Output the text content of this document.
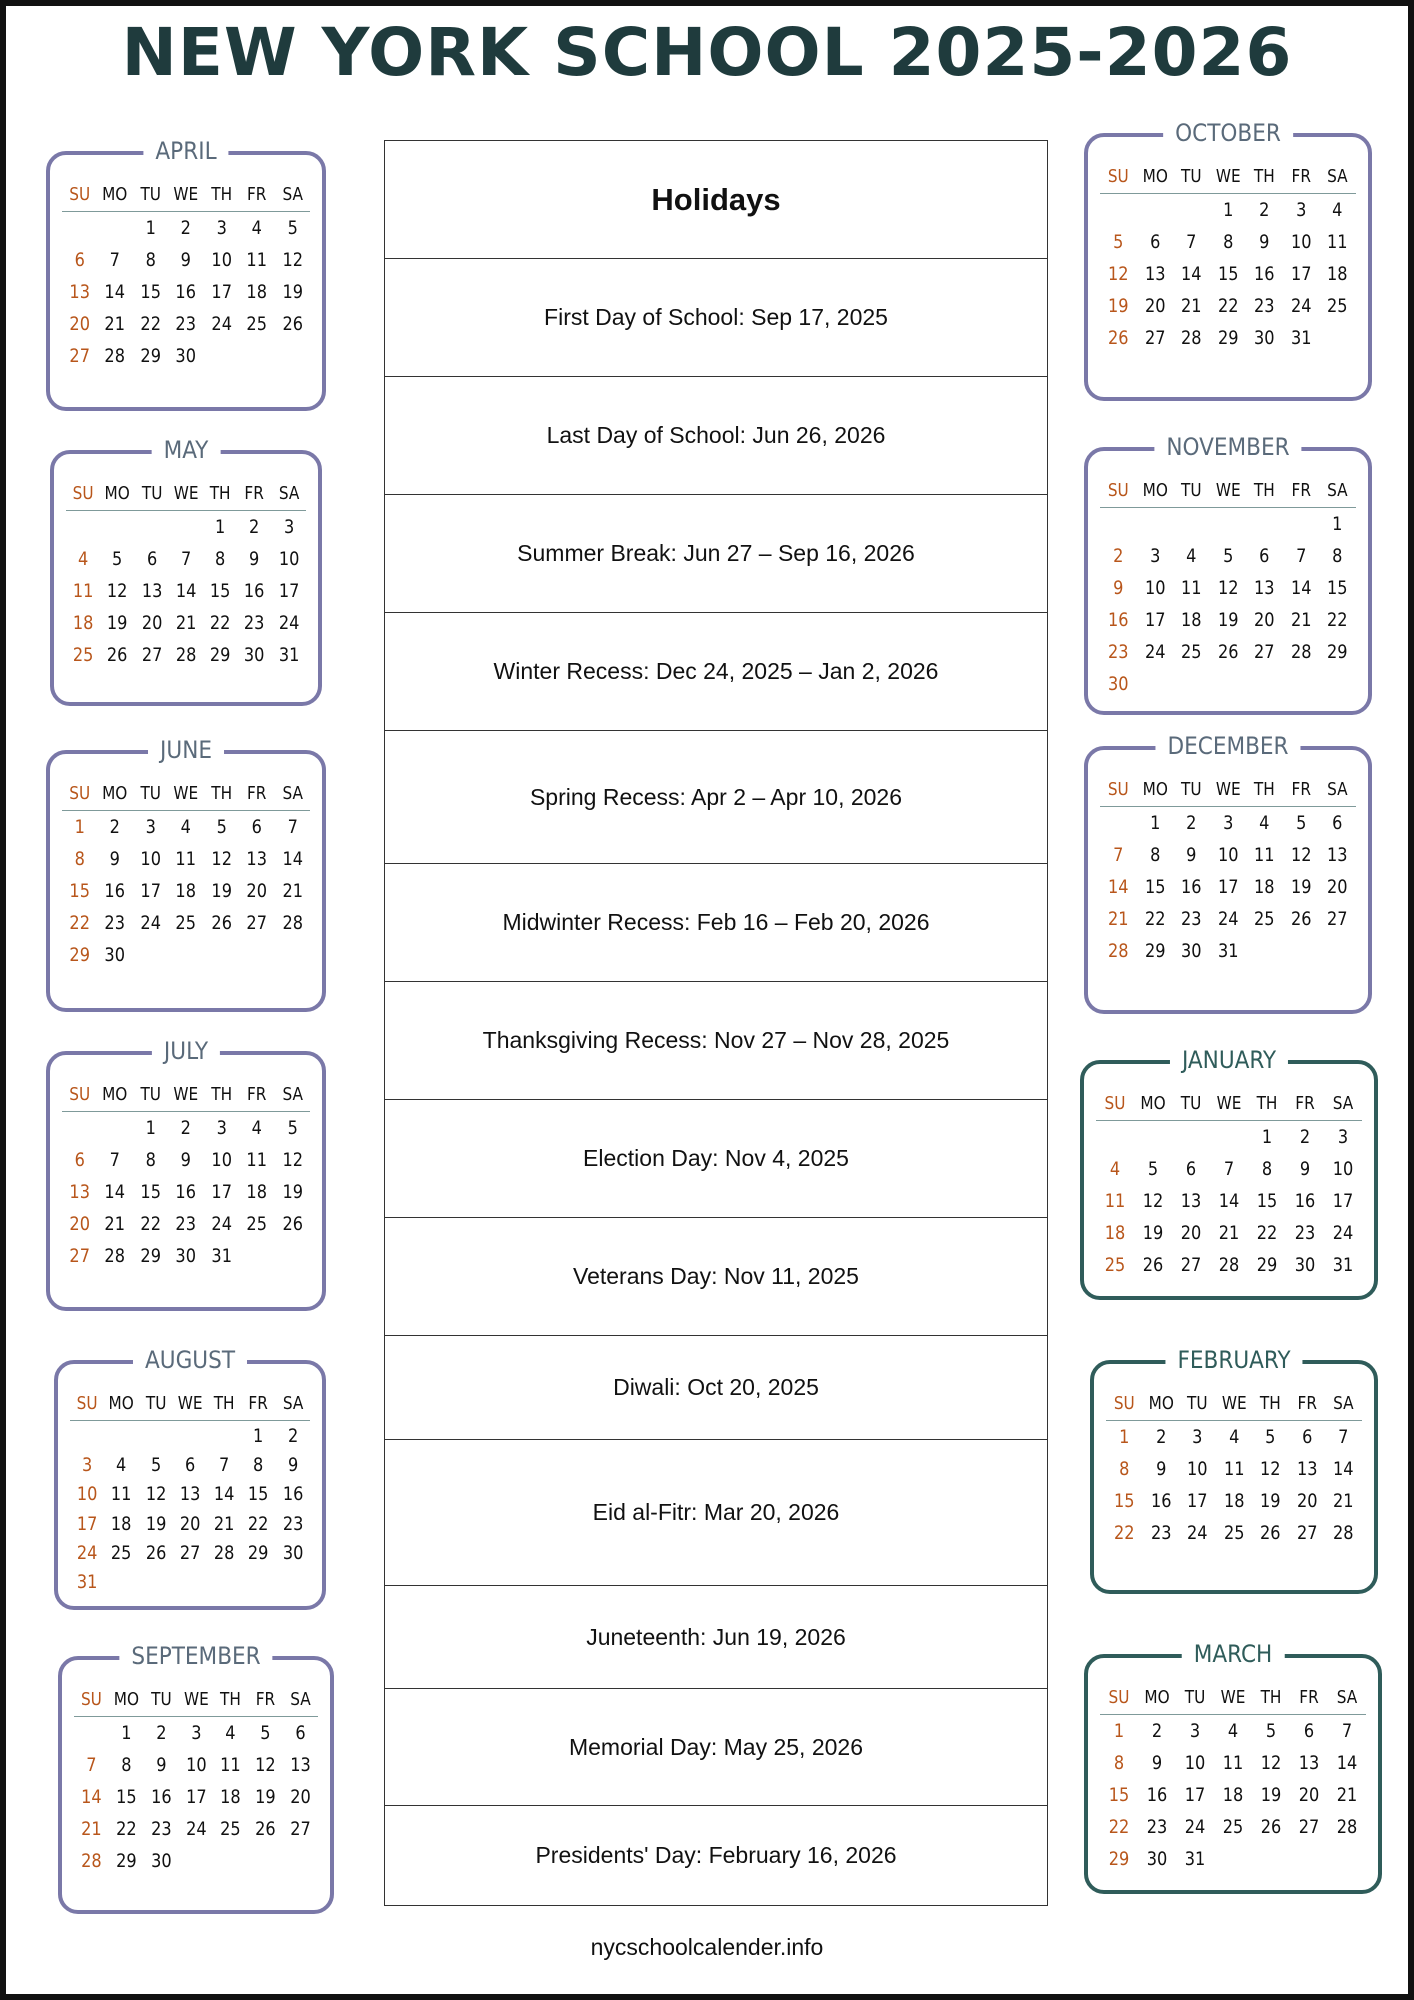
NEW YORK SCHOOL 2025-2026
APRIL
SU	MO	TU	WE	TH	FR	SA
		1	2	3	4	5
6	7	8	9	10	11	12
13	14	15	16	17	18	19
20	21	22	23	24	25	26
27	28	29	30			
MAY
SU	MO	TU	WE	TH	FR	SA
				1	2	3
4	5	6	7	8	9	10
11	12	13	14	15	16	17
18	19	20	21	22	23	24
25	26	27	28	29	30	31
JUNE
SU	MO	TU	WE	TH	FR	SA
1	2	3	4	5	6	7
8	9	10	11	12	13	14
15	16	17	18	19	20	21
22	23	24	25	26	27	28
29	30					
JULY
SU	MO	TU	WE	TH	FR	SA
		1	2	3	4	5
6	7	8	9	10	11	12
13	14	15	16	17	18	19
20	21	22	23	24	25	26
27	28	29	30	31		
AUGUST
SU	MO	TU	WE	TH	FR	SA
					1	2
3	4	5	6	7	8	9
10	11	12	13	14	15	16
17	18	19	20	21	22	23
24	25	26	27	28	29	30
31						
SEPTEMBER
SU	MO	TU	WE	TH	FR	SA
	1	2	3	4	5	6
7	8	9	10	11	12	13
14	15	16	17	18	19	20
21	22	23	24	25	26	27
28	29	30				
OCTOBER
SU	MO	TU	WE	TH	FR	SA
			1	2	3	4
5	6	7	8	9	10	11
12	13	14	15	16	17	18
19	20	21	22	23	24	25
26	27	28	29	30	31	
NOVEMBER
SU	MO	TU	WE	TH	FR	SA
						1
2	3	4	5	6	7	8
9	10	11	12	13	14	15
16	17	18	19	20	21	22
23	24	25	26	27	28	29
30						
DECEMBER
SU	MO	TU	WE	TH	FR	SA
	1	2	3	4	5	6
7	8	9	10	11	12	13
14	15	16	17	18	19	20
21	22	23	24	25	26	27
28	29	30	31			
JANUARY
SU	MO	TU	WE	TH	FR	SA
				1	2	3
4	5	6	7	8	9	10
11	12	13	14	15	16	17
18	19	20	21	22	23	24
25	26	27	28	29	30	31
FEBRUARY
SU	MO	TU	WE	TH	FR	SA
1	2	3	4	5	6	7
8	9	10	11	12	13	14
15	16	17	18	19	20	21
22	23	24	25	26	27	28
MARCH
SU	MO	TU	WE	TH	FR	SA
1	2	3	4	5	6	7
8	9	10	11	12	13	14
15	16	17	18	19	20	21
22	23	24	25	26	27	28
29	30	31				
Holidays
First Day of School: Sep 17, 2025
Last Day of School: Jun 26, 2026
Summer Break: Jun 27 – Sep 16, 2026
Winter Recess: Dec 24, 2025 – Jan 2, 2026
Spring Recess: Apr 2 – Apr 10, 2026
Midwinter Recess: Feb 16 – Feb 20, 2026
Thanksgiving Recess: Nov 27 – Nov 28, 2025
Election Day: Nov 4, 2025
Veterans Day: Nov 11, 2025
Diwali: Oct 20, 2025
Eid al-Fitr: Mar 20, 2026
Juneteenth: Jun 19, 2026
Memorial Day: May 25, 2026
Presidents' Day: February 16, 2026
nycschoolcalender.info
